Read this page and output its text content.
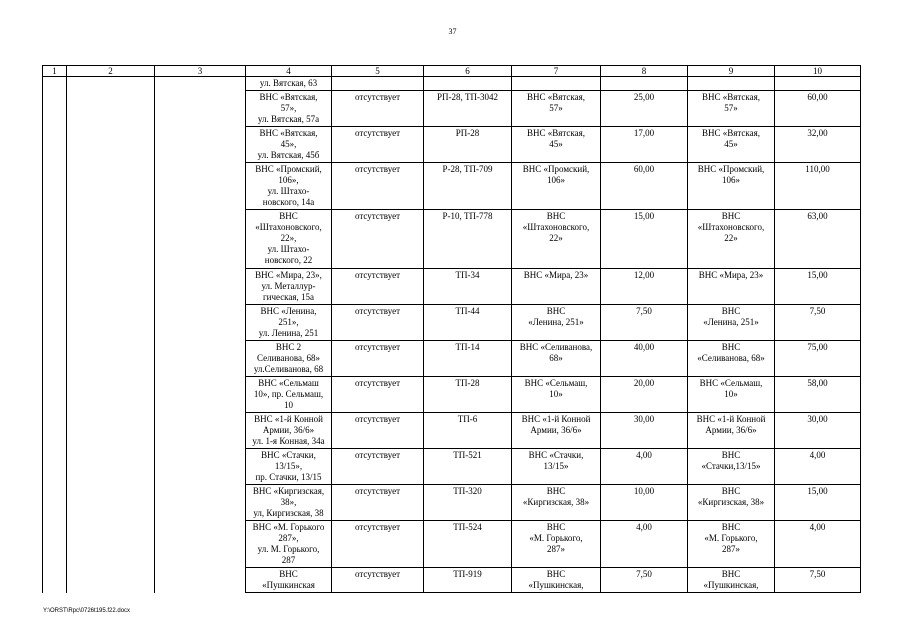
37
1	2	3	4	5	6	7	8	9	10

			ул. Вятская, 63						

			ВНС «Вятская,
57»,
ул. Вятская, 57а	отсутствует	РП-28, ТП-3042	ВНС «Вятская,
57»	25,00	ВНС «Вятская,
57»	60,00

			ВНС «Вятская,
45»,
ул. Вятская, 45б	отсутствует	РП-28	ВНС «Вятская,
45»	17,00	ВНС «Вятская,
45»	32,00

			ВНС «Промский,
106»,
ул. Штахо-
новского, 14а	отсутствует	Р-28, ТП-709	ВНС «Промский,
106»	60,00	ВНС «Промский,
106»	110,00

			ВНС
«Штахоновского,
22»,
ул. Штахо-
новского, 22	отсутствует	Р-10, ТП-778	ВНС
«Штахоновского,
22»	15,00	ВНС
«Штахоновского,
22»	63,00

			ВНС «Мира, 23»,
ул. Металлур-
гическая, 15а	отсутствует	ТП-34	ВНС «Мира, 23»	12,00	ВНС «Мира, 23»	15,00

			ВНС «Ленина,
251»,
ул. Ленина, 251	отсутствует	ТП-44	ВНС
«Ленина, 251»	7,50	ВНС
«Ленина, 251»	7,50

			ВНС 2
Селиванова, 68»
ул.Селиванова, 68	отсутствует	ТП-14	ВНС «Селиванова,
68»	40,00	ВНС
«Селиванова, 68»	75,00

			ВНС «Сельмаш
10», пр. Сельмаш,
10	отсутствует	ТП-28	ВНС «Сельмаш,
10»	20,00	ВНС «Сельмаш,
10»	58,00

			ВНС «1-й Конной
Армии, 36/6»
ул. 1-я Конная, 34а	отсутствует	ТП-6	ВНС «1-й Конной
Армии, 36/6»	30,00	ВНС «1-й Конной
Армии, 36/6»	30,00

			ВНС «Стачки,
13/15»,
пр. Стачки, 13/15	отсутствует	ТП-521	ВНС «Стачки,
13/15»	4,00	ВНС
«Стачки,13/15»	4,00

			ВНС «Киргизская,
38»,
ул, Киргизская, 38	отсутствует	ТП-320	ВНС
«Киргизская, 38»	10,00	ВНС
«Киргизская, 38»	15,00

			ВНС «М. Горького
287»,
ул. М. Горького,
287	отсутствует	ТП-524	ВНС
«М. Горького,
287»	4,00	ВНС
«М. Горького,
287»	4,00

			ВНС
«Пушкинская	отсутствует	ТП-919	ВНС
«Пушкинская,	7,50	ВНС
«Пушкинская,	7,50
Y:\ORST\Rpc\0726t195.f22.docx
